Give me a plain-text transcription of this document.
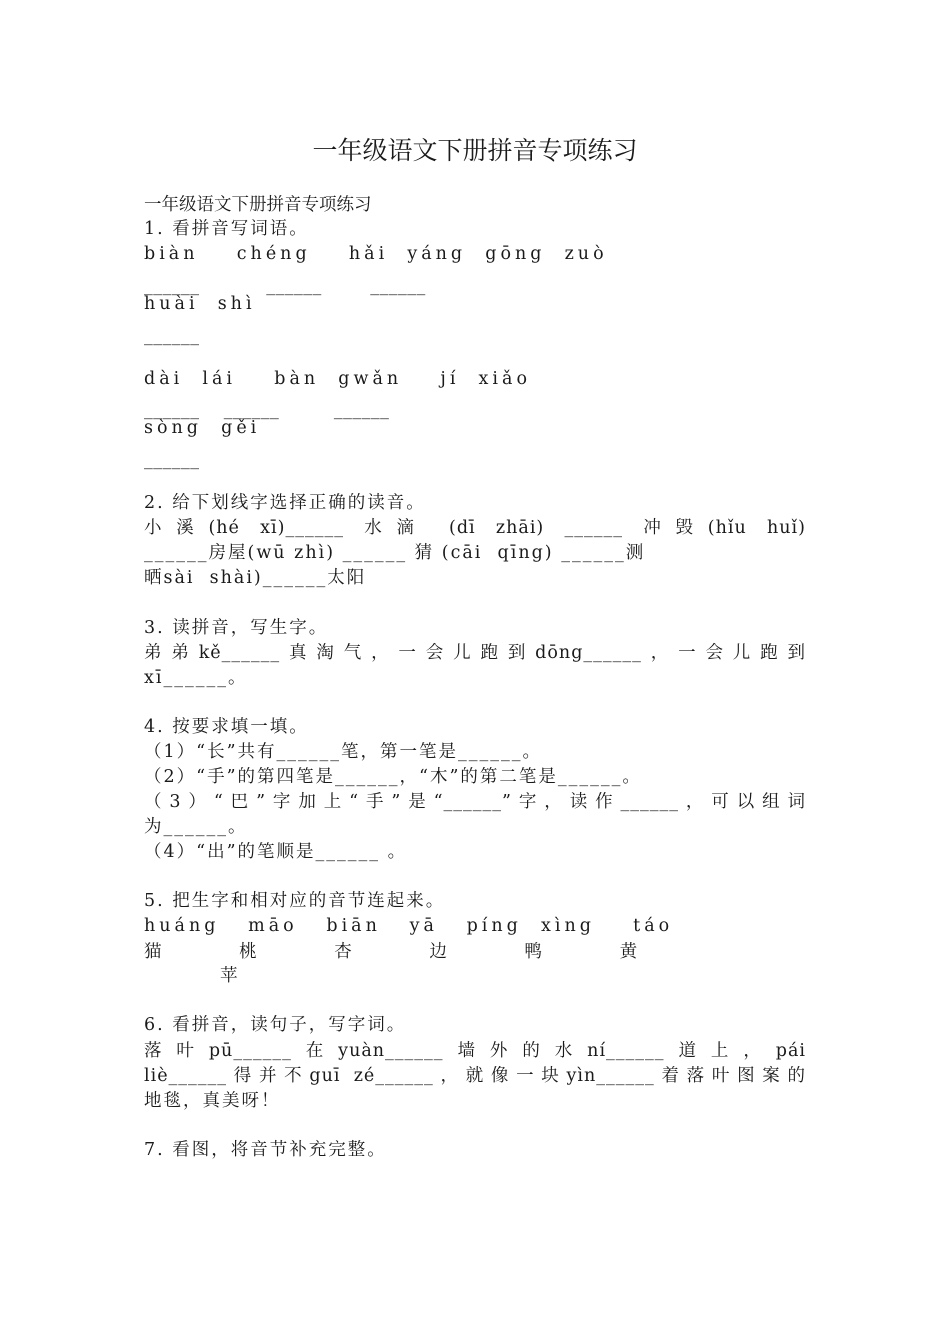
一年级语文下册拼音专项练习
一年级语文下册拼音专项练习
1. 看拼音写词语。
biàn    chéng    hǎi  yáng  gōng  zuò
______           ______        ______
huài  shì
______
dài  lái    bàn  gwǎn    jí  xiǎo
______    ______         ______
sòng  gěi
______
2. 给下划线字选择正确的读音。
小溪(hé xī)______ 水滴 (dī zhāi) ______ 冲毁(hǐu huǐ)
______房屋(wū zhì) ______ 猜 (cāi  qīng) ______测
晒sài  shài)______太阳
3. 读拼音，写生字。
弟弟kě______真淘气，一会儿跑到dōng______，一会儿跑到
xī______。
4. 按要求填一填。
（1）“长”共有______笔，第一笔是______。
（2）“手”的第四笔是______，“木”的第二笔是______。
（3）“巴”字加上“手”是“______”字，读作______，可以组词
为______。
（4）“出”的笔顺是______ 。
5. 把生字和相对应的音节连起来。
huáng   māo   biān   yā   píng  xìng    táo
猫          桃          杏          边          鸭          黄
苹
6. 看拼音，读句子，写字词。
落叶pū______在yuàn______墙外的水ní______道上，pái
liè______得并不guī zé______，就像一块yìn______着落叶图案的
地毯，真美呀！
7. 看图，将音节补充完整。
